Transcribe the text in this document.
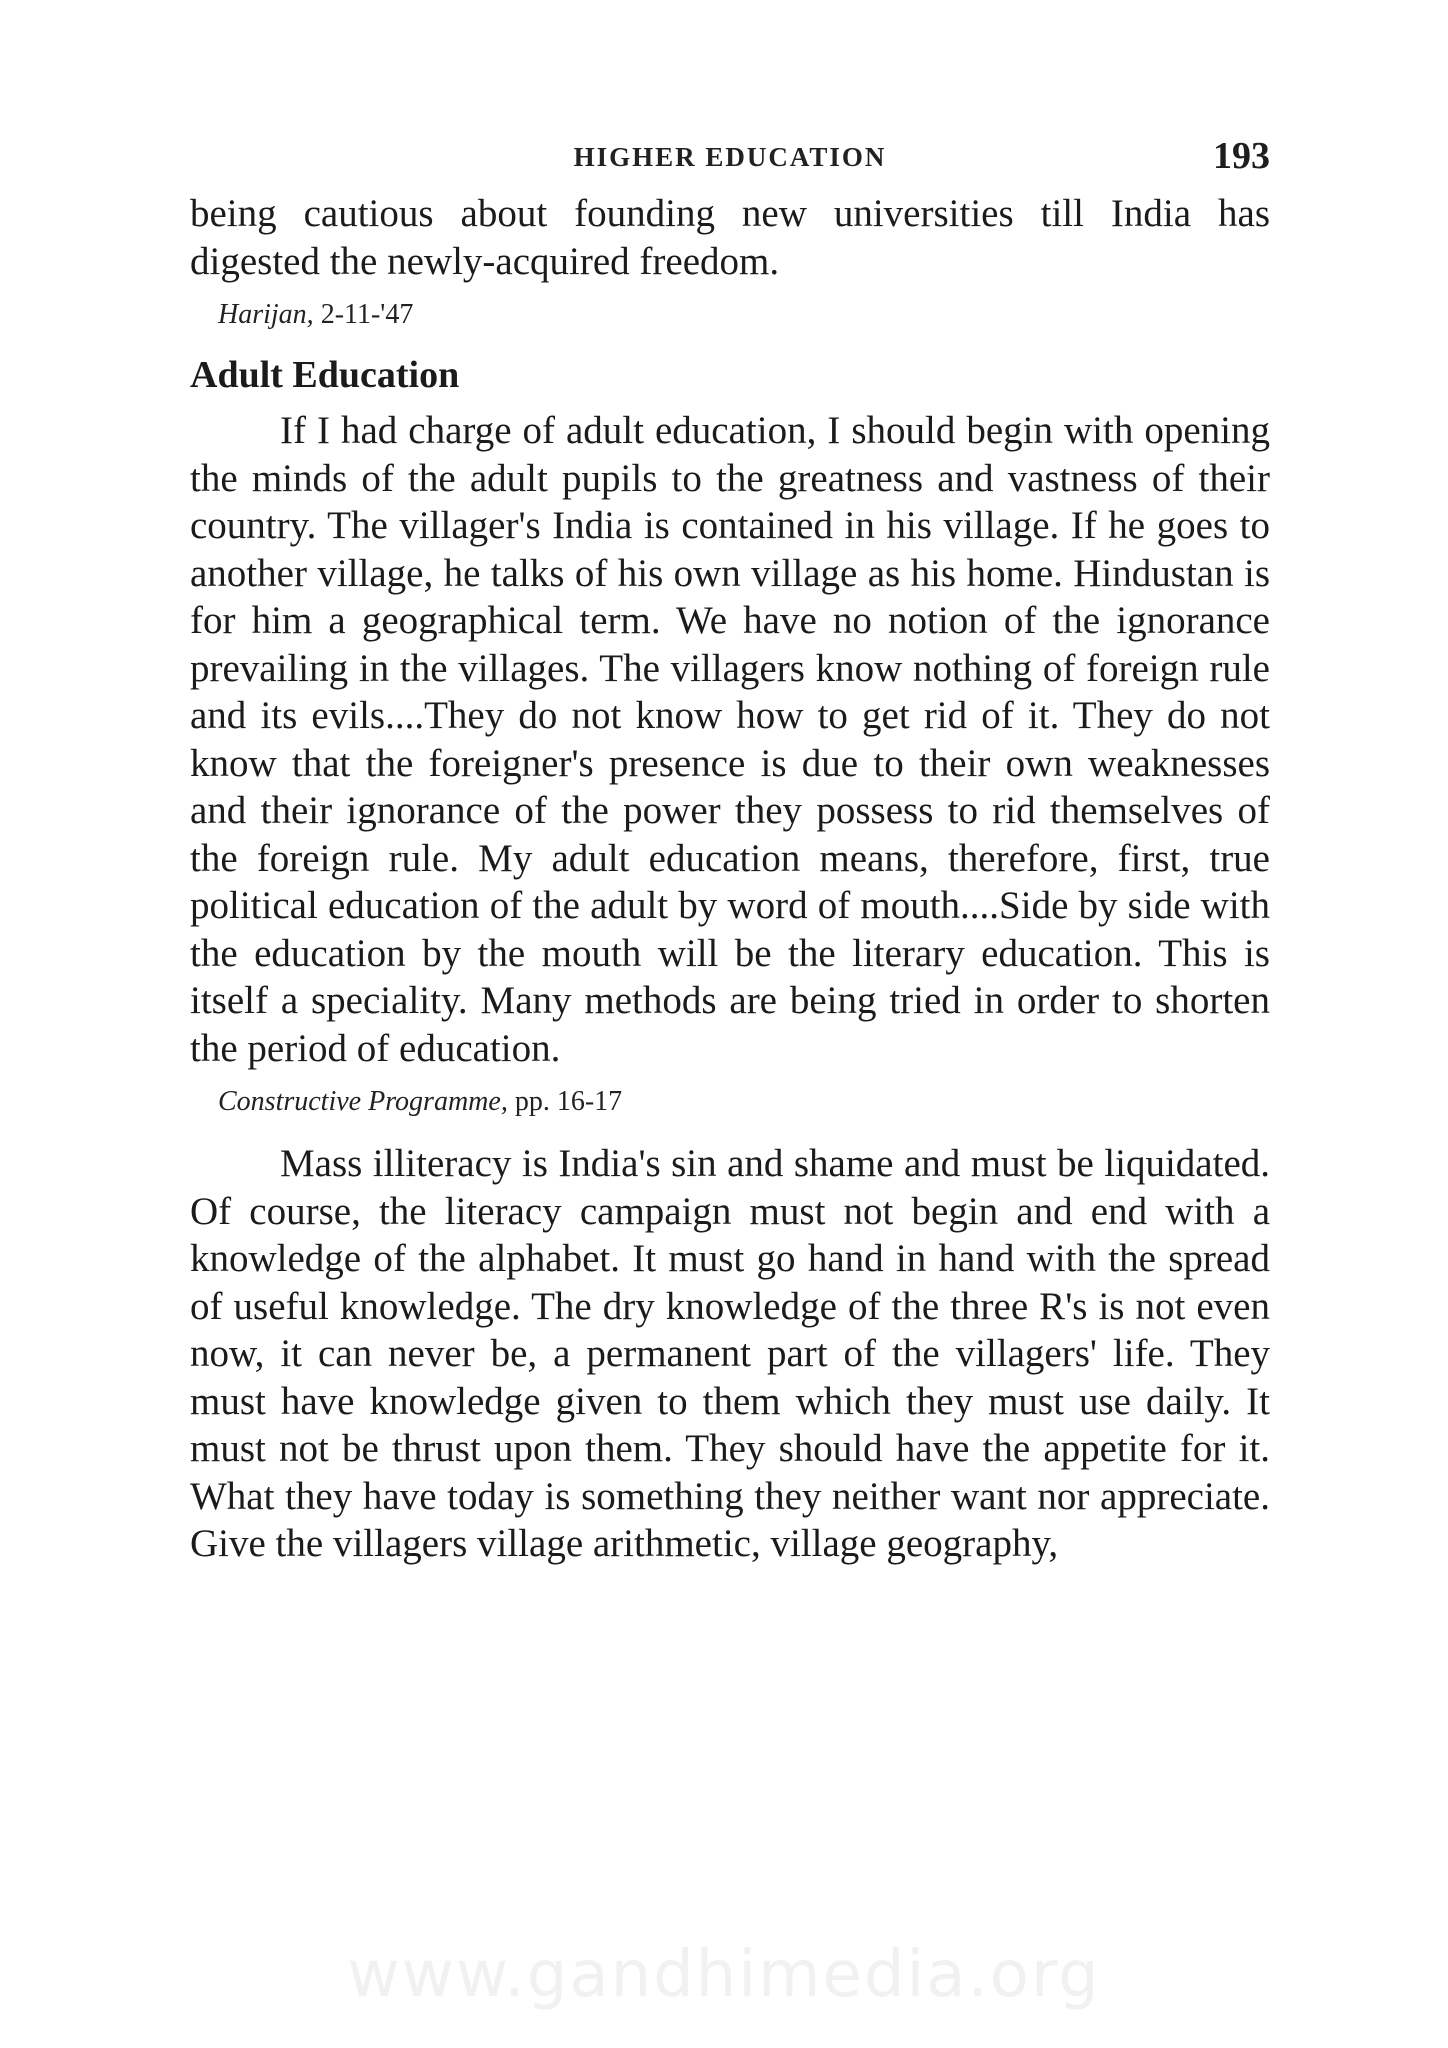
HIGHER EDUCATION	193

being cautious about founding new universities till India has digested the newly-acquired freedom.

Harijan, 2-11-'47
Adult Education

If I had charge of adult education, I should begin with opening the minds of the adult pupils to the greatness and vastness of their country. The villager's India is contained in his village. If he goes to another village, he talks of his own village as his home. Hindustan is for him a geographical term. We have no notion of the ignorance prevailing in the villages. The villagers know nothing of foreign rule and its evils....They do not know how to get rid of it. They do not know that the foreigner's presence is due to their own weaknesses and their ignorance of the power they possess to rid themselves of the foreign rule. My adult education means, therefore, first, true political education of the adult by word of mouth....Side by side with the education by the mouth will be the literary education. This is itself a speciality. Many methods are being tried in order to shorten the period of education.

Constructive Programme, pp. 16-17

Mass illiteracy is India's sin and shame and must be liquidated. Of course, the literacy campaign must not begin and end with a knowledge of the alphabet. It must go hand in hand with the spread of useful knowledge. The dry knowledge of the three R's is not even now, it can never be, a permanent part of the villagers' life. They must have knowledge given to them which they must use daily. It must not be thrust upon them. They should have the appetite for it. What they have today is something they neither want nor appreciate. Give the villagers village arithmetic, village geography,

www.gandhimedia.org
